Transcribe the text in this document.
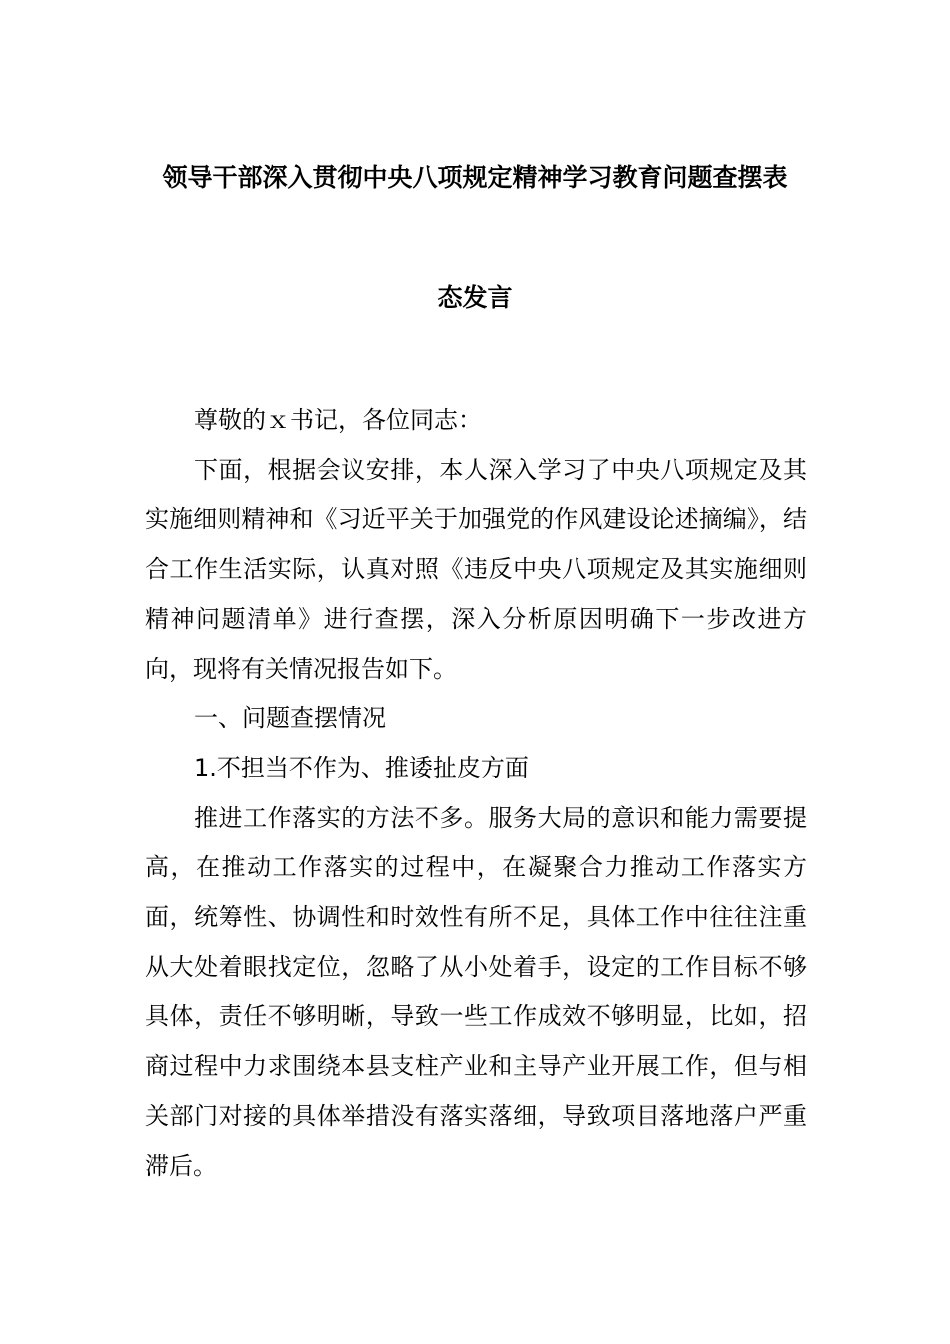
领导干部深入贯彻中央八项规定精神学习教育问题查摆表
态发言

尊敬的ｘ书记，各位同志：

下面，根据会议安排，本人深入学习了中央八项规定及其实施细则精神和《习近平关于加强党的作风建设论述摘编》，结合工作生活实际，认真对照《违反中央八项规定及其实施细则精神问题清单》进行查摆，深入分析原因明确下一步改进方向，现将有关情况报告如下。

一、问题查摆情况

1.不担当不作为、推诿扯皮方面

推进工作落实的方法不多。服务大局的意识和能力需要提高，在推动工作落实的过程中，在凝聚合力推动工作落实方面，统筹性、协调性和时效性有所不足，具体工作中往往注重从大处着眼找定位，忽略了从小处着手，设定的工作目标不够具体，责任不够明晰，导致一些工作成效不够明显，比如，招商过程中力求围绕本县支柱产业和主导产业开展工作，但与相关部门对接的具体举措没有落实落细，导致项目落地落户严重滞后。
